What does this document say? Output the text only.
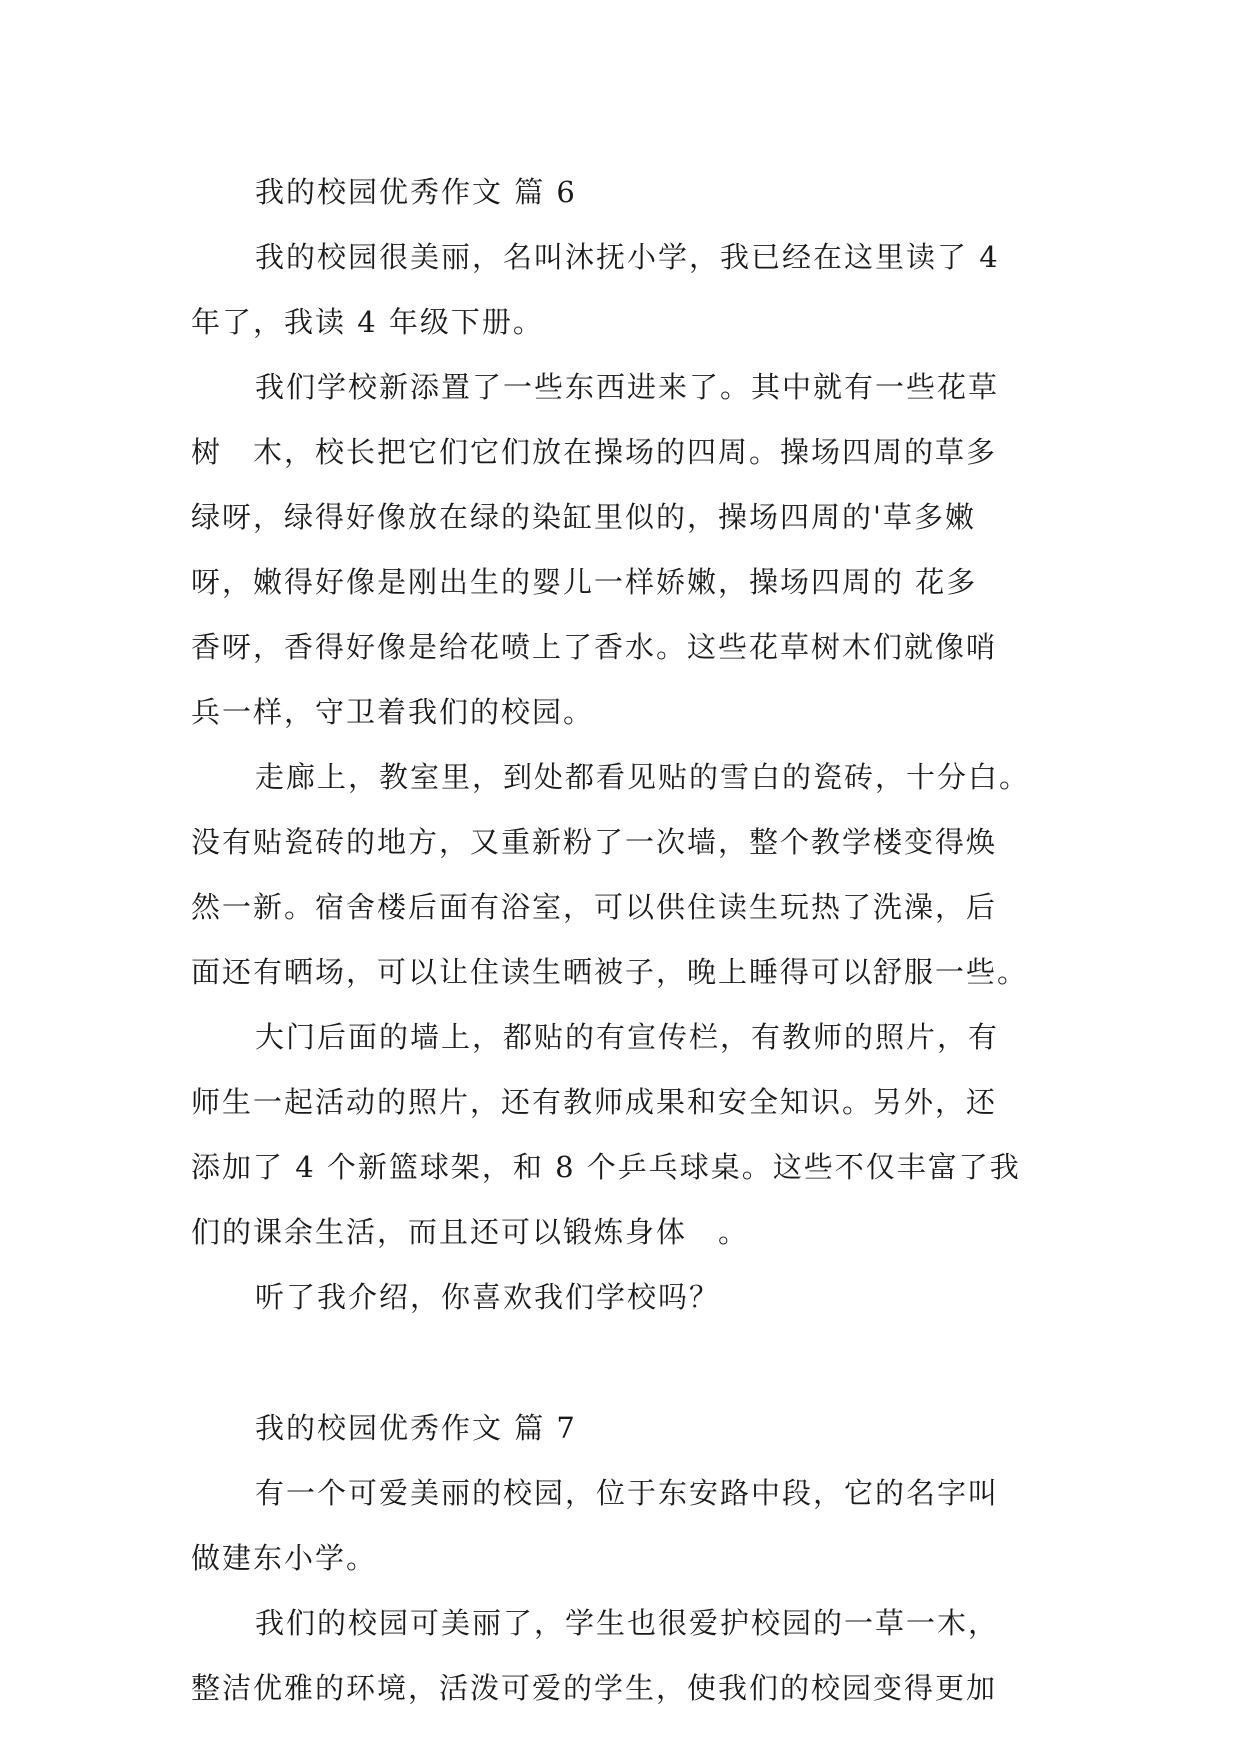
我的校园优秀作文 篇 6
我的校园很美丽，名叫沐抚小学，我已经在这里读了 4
年了，我读 4 年级下册。
我们学校新添置了一些东西进来了。其中就有一些花草
树　木，校长把它们它们放在操场的四周。操场四周的草多
绿呀，绿得好像放在绿的染缸里似的，操场四周的'草多嫩
呀，嫩得好像是刚出生的婴儿一样娇嫩，操场四周的 花多
香呀，香得好像是给花喷上了香水。这些花草树木们就像哨
兵一样，守卫着我们的校园。
走廊上，教室里，到处都看见贴的雪白的瓷砖，十分白。
没有贴瓷砖的地方，又重新粉了一次墙，整个教学楼变得焕
然一新。宿舍楼后面有浴室，可以供住读生玩热了洗澡，后
面还有晒场，可以让住读生晒被子，晚上睡得可以舒服一些。
大门后面的墙上，都贴的有宣传栏，有教师的照片，有
师生一起活动的照片，还有教师成果和安全知识。另外，还
添加了 4 个新篮球架，和 8 个乒乓球桌。这些不仅丰富了我
们的课余生活，而且还可以锻炼身体　。
听了我介绍，你喜欢我们学校吗？
我的校园优秀作文 篇 7
有一个可爱美丽的校园，位于东安路中段，它的名字叫
做建东小学。
我们的校园可美丽了，学生也很爱护校园的一草一木，
整洁优雅的环境，活泼可爱的学生，使我们的校园变得更加
